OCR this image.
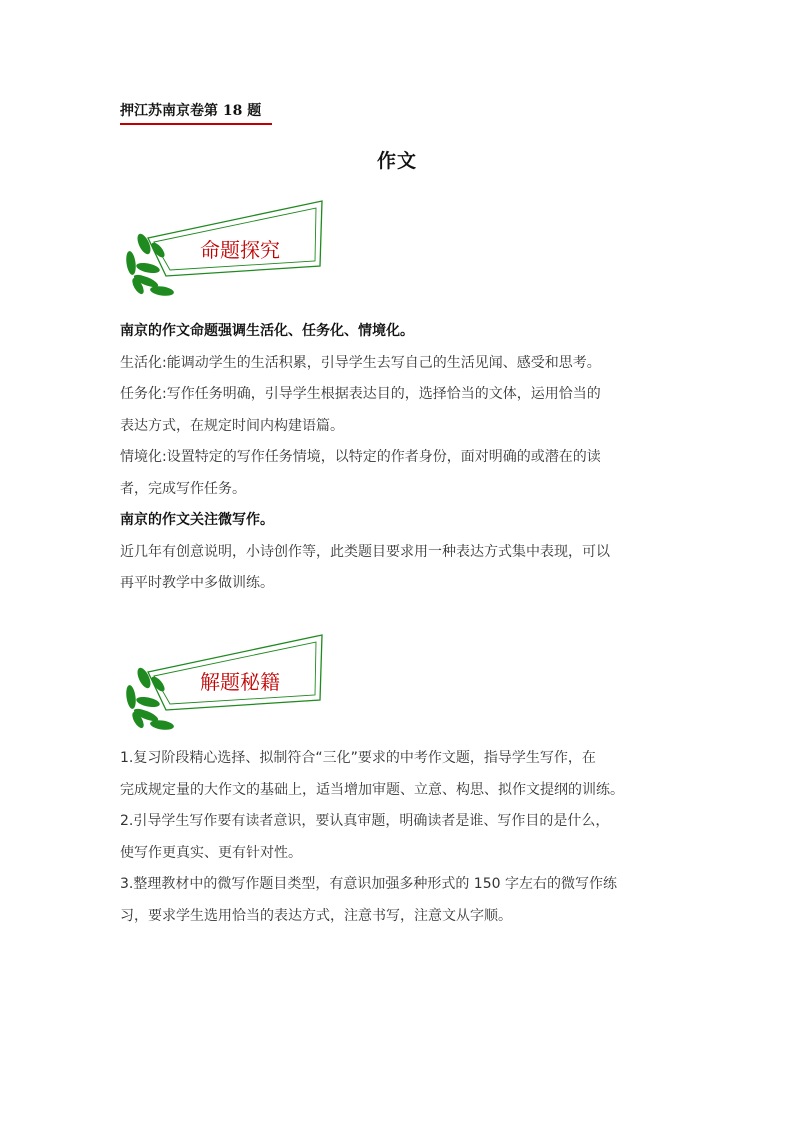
押江苏南京卷第 18 题
作文
命题探究

南京的作文命题强调生活化、任务化、情境化。

生活化:能调动学生的生活积累，引导学生去写自己的生活见闻、感受和思考。

任务化:写作任务明确，引导学生根据表达目的，选择恰当的文体，运用恰当的

表达方式，在规定时间内构建语篇。

情境化:设置特定的写作任务情境，以特定的作者身份，面对明确的或潜在的读

者，完成写作任务。

南京的作文关注微写作。

近几年有创意说明，小诗创作等，此类题目要求用一种表达方式集中表现，可以

再平时教学中多做训练。

解题秘籍

1.复习阶段精心选择、拟制符合“三化”要求的中考作文题，指导学生写作，在

完成规定量的大作文的基础上，适当增加审题、立意、构思、拟作文提纲的训练。

2.引导学生写作要有读者意识，要认真审题，明确读者是谁、写作目的是什么，

使写作更真实、更有针对性。

3.整理教材中的微写作题目类型，有意识加强多种形式的 150 字左右的微写作练

习，要求学生选用恰当的表达方式，注意书写，注意文从字顺。
